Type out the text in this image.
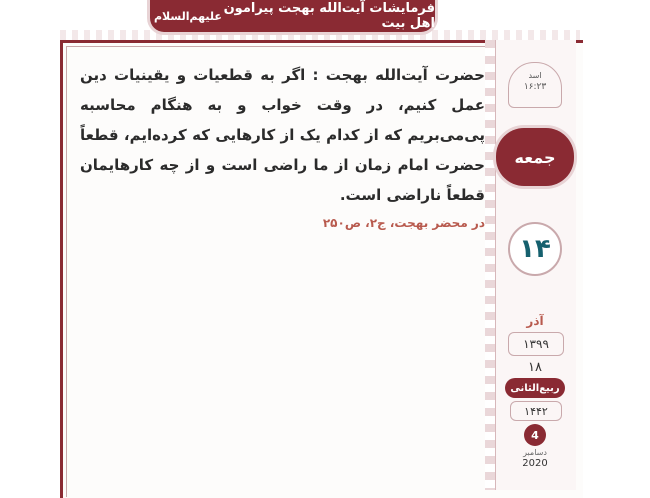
فرمایشات آیت‌الله بهجت پیرامون اهل بیت
علیهم‌السلام
اسد
۱۶:۲۳
جمعه
۱۴
آذر
۱۳۹۹
۱۸
ربیع‌الثانی
۱۴۴۲
4
دسامبر
2020
حضرت آیت‌الله بهجت : اگر به قطعیات و یقینیات دین عمل کنیم، در وقت خواب و به هنگام محاسبه پی‌می‌بریم که از کدام یک از کارهایی که کرده‌ایم، قطعاً حضرت امام زمان از ما راضی است و از چه کارهایمان قطعاً ناراضی است.
در محضر بهجت، ج۲، ص۲۵۰
